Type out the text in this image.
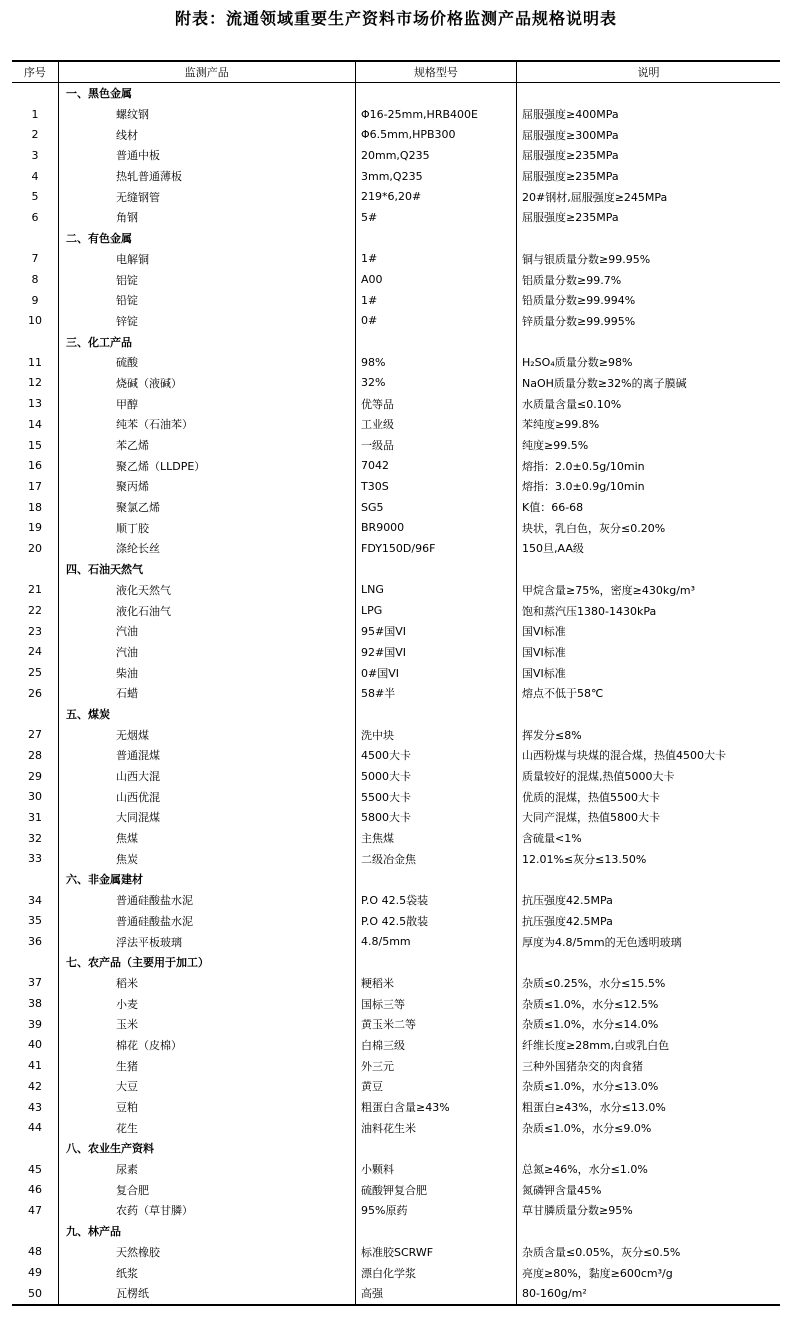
附表：流通领域重要生产资料市场价格监测产品规格说明表
序号	监测产品	规格型号	说明
一、黑色金属
1	螺纹钢	Φ16-25mm,HRB400E	屈服强度≥400MPa
2	线材	Φ6.5mm,HPB300	屈服强度≥300MPa
3	普通中板	20mm,Q235	屈服强度≥235MPa
4	热轧普通薄板	3mm,Q235	屈服强度≥235MPa
5	无缝钢管	219*6,20#	20#钢材,屈服强度≥245MPa
6	角钢	5#	屈服强度≥235MPa
二、有色金属
7	电解铜	1#	铜与银质量分数≥99.95%
8	铝锭	A00	铝质量分数≥99.7%
9	铅锭	1#	铅质量分数≥99.994%
10	锌锭	0#	锌质量分数≥99.995%
三、化工产品
11	硫酸	98%	H₂SO₄质量分数≥98%
12	烧碱（液碱）	32%	NaOH质量分数≥32%的离子膜碱
13	甲醇	优等品	水质量含量≤0.10%
14	纯苯（石油苯）	工业级	苯纯度≥99.8%
15	苯乙烯	一级品	纯度≥99.5%
16	聚乙烯（LLDPE）	7042	熔指：2.0±0.5g/10min
17	聚丙烯	T30S	熔指：3.0±0.9g/10min
18	聚氯乙烯	SG5	K值：66-68
19	顺丁胶	BR9000	块状，乳白色，灰分≤0.20%
20	涤纶长丝	FDY150D/96F	150旦,AA级
四、石油天然气
21	液化天然气	LNG	甲烷含量≥75%，密度≥430kg/m³
22	液化石油气	LPG	饱和蒸汽压1380-1430kPa
23	汽油	95#国VI	国VI标准
24	汽油	92#国VI	国VI标准
25	柴油	0#国VI	国VI标准
26	石蜡	58#半	熔点不低于58℃
五、煤炭
27	无烟煤	洗中块	挥发分≤8%
28	普通混煤	4500大卡	山西粉煤与块煤的混合煤，热值4500大卡
29	山西大混	5000大卡	质量较好的混煤,热值5000大卡
30	山西优混	5500大卡	优质的混煤，热值5500大卡
31	大同混煤	5800大卡	大同产混煤，热值5800大卡
32	焦煤	主焦煤	含硫量<1%
33	焦炭	二级冶金焦	12.01%≤灰分≤13.50%
六、非金属建材
34	普通硅酸盐水泥	P.O 42.5袋装	抗压强度42.5MPa
35	普通硅酸盐水泥	P.O 42.5散装	抗压强度42.5MPa
36	浮法平板玻璃	4.8/5mm	厚度为4.8/5mm的无色透明玻璃
七、农产品（主要用于加工）
37	稻米	粳稻米	杂质≤0.25%，水分≤15.5%
38	小麦	国标三等	杂质≤1.0%，水分≤12.5%
39	玉米	黄玉米二等	杂质≤1.0%，水分≤14.0%
40	棉花（皮棉）	白棉三级	纤维长度≥28mm,白或乳白色
41	生猪	外三元	三种外国猪杂交的肉食猪
42	大豆	黄豆	杂质≤1.0%，水分≤13.0%
43	豆粕	粗蛋白含量≥43%	粗蛋白≥43%，水分≤13.0%
44	花生	油料花生米	杂质≤1.0%，水分≤9.0%
八、农业生产资料
45	尿素	小颗料	总氮≥46%，水分≤1.0%
46	复合肥	硫酸钾复合肥	氮磷钾含量45%
47	农药（草甘膦）	95%原药	草甘膦质量分数≥95%
九、林产品
48	天然橡胶	标准胶SCRWF	杂质含量≤0.05%，灰分≤0.5%
49	纸浆	漂白化学浆	亮度≥80%，黏度≥600cm³/g
50	瓦楞纸	高强	80-160g/m²
